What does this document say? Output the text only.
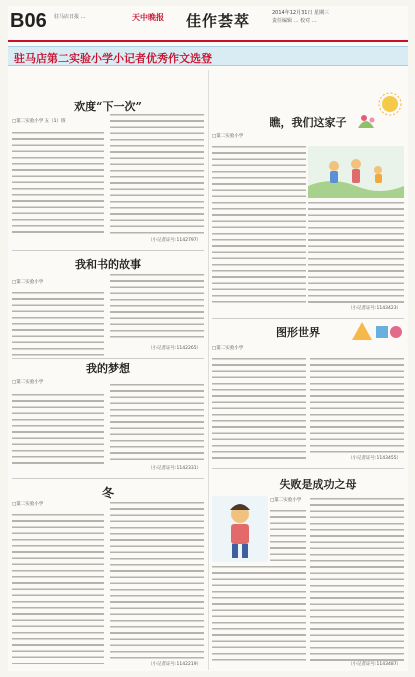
B06 驻马店日报 …	天中晚报 佳作荟萃	2014年12月31日 星期三
责任编辑 … 校对 …
驻马店第二实验小学小记者优秀作文选登
欢度“下一次”
□第二实验小学 五（1）班
（小记者证号:1142797）
我和书的故事
□第二实验小学
（小记者证号:1142265）
我的梦想
□第二实验小学
（小记者证号:1142331）
冬
□第二实验小学
（小记者证号:1142219）
瞧，我们这家子
□第二实验小学
（小记者证号:1143423）
图形世界
□第二实验小学
（小记者证号:1143455）
失败是成功之母
□第二实验小学
（小记者证号:1143487）
